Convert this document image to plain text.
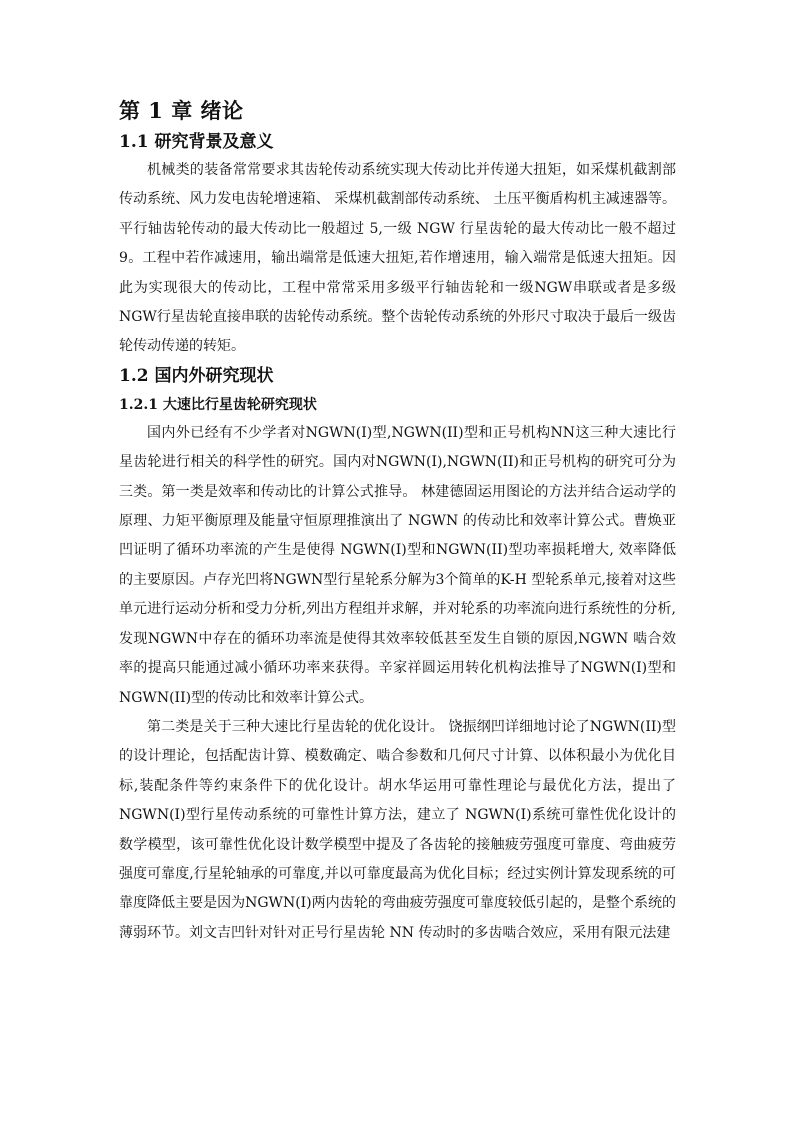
第 1 章 绪论
1.1 研究背景及意义

机械类的装备常常要求其齿轮传动系统实现大传动比并传递大扭矩，如采煤机截割部传动系统、风力发电齿轮增速箱、 采煤机截割部传动系统、 土压平衡盾构机主减速器等。平行轴齿轮传动的最大传动比一般超过 5,一级 NGW 行星齿轮的最大传动比一般不超过 9。工程中若作减速用，输出端常是低速大扭矩,若作增速用，输入端常是低速大扭矩。因此为实现很大的传动比，工程中常常采用多级平行轴齿轮和一级NGW串联或者是多级NGW行星齿轮直接串联的齿轮传动系统。整个齿轮传动系统的外形尺寸取决于最后一级齿轮传动传递的转矩。

1.2 国内外研究现状
1.2.1 大速比行星齿轮研究现状

国内外已经有不少学者对NGWN(I)型,NGWN(II)型和正号机构NN这三种大速比行星齿轮进行相关的科学性的研究。国内对NGWN(I),NGWN(II)和正号机构的研究可分为三类。第一类是效率和传动比的计算公式推导。 林建德固运用图论的方法并结合运动学的原理、力矩平衡原理及能量守恒原理推演出了 NGWN 的传动比和效率计算公式。曹焕亚凹证明了循环功率流的产生是使得 NGWN(I)型和NGWN(II)型功率损耗增大, 效率降低的主要原因。卢存光凹将NGWN型行星轮系分解为3个简单的K-H 型轮系单元,接着对这些单元进行运动分析和受力分析,列出方程组并求解，并对轮系的功率流向进行系统性的分析,发现NGWN中存在的循环功率流是使得其效率较低甚至发生自锁的原因,NGWN 啮合效率的提高只能通过减小循环功率来获得。辛家祥圆运用转化机构法推导了NGWN(I)型和NGWN(II)型的传动比和效率计算公式。

第二类是关于三种大速比行星齿轮的优化设计。 饶振纲凹详细地讨论了NGWN(II)型的设计理论，包括配齿计算、模数确定、啮合参数和几何尺寸计算、以体积最小为优化目标,装配条件等约束条件下的优化设计。胡水华运用可靠性理论与最优化方法，提出了 NGWN(I)型行星传动系统的可靠性计算方法，建立了 NGWN(I)系统可靠性优化设计的数学模型，该可靠性优化设计数学模型中提及了各齿轮的接触疲劳强度可靠度、弯曲疲劳强度可靠度,行星轮轴承的可靠度,并以可靠度最高为优化目标；经过实例计算发现系统的可靠度降低主要是因为NGWN(I)两内齿轮的弯曲疲劳强度可靠度较低引起的，是整个系统的薄弱环节。刘文吉凹针对针对正号行星齿轮 NN 传动时的多齿啮合效应，采用有限元法建
